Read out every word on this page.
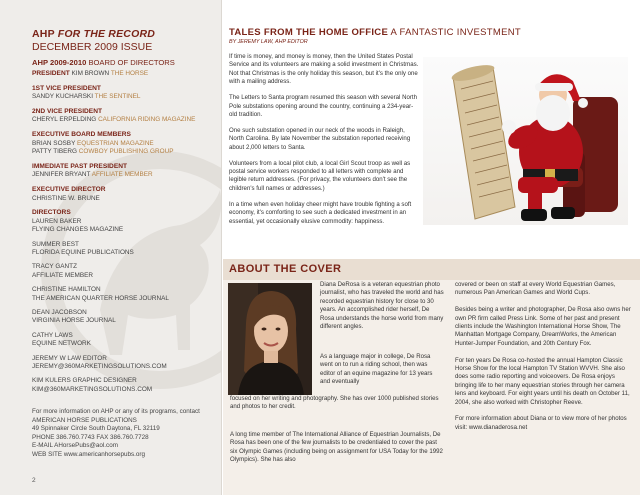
AHP FOR THE RECORD
DECEMBER 2009 ISSUE
AHP 2009-2010 BOARD OF DIRECTORS
PRESIDENT KIM BROWN THE HORSE
1ST VICE PRESIDENT
SANDY KUCHARSKI THE SENTINEL
2ND VICE PRESIDENT
CHERYL ERPELDING CALIFORNIA RIDING MAGAZINE
EXECUTIVE BOARD MEMBERS
BRIAN SOSBY EQUESTRIAN MAGAZINE
PATTY TIBERG COWBOY PUBLISHING GROUP
IMMEDIATE PAST PRESIDENT
JENNIFER BRYANT AFFILIATE MEMBER
EXECUTIVE DIRECTOR
CHRISTINE W. BRUNE
DIRECTORS
LAUREN BAKER
FLYING CHANGES MAGAZINE
SUMMER BEST
FLORIDA EQUINE PUBLICATIONS
TRACY GANTZ
AFFILIATE MEMBER
CHRISTINE HAMILTON
THE AMERICAN QUARTER HORSE JOURNAL
DEAN JACOBSON
VIRGINIA HORSE JOURNAL
CATHY LAWS
EQUINE NETWORK
JEREMY W LAW EDITOR
JEREMY@360MARKETINGSOLUTIONS.COM
KIM KULERS GRAPHIC DESIGNER
KIM@360MARKETINGSOLUTIONS.COM
For more information on AHP or any of its programs, contact
AMERICAN HORSE PUBLICATIONS
49 Spinnaker Circle South Daytona, FL 32119
PHONE 386.760.7743 FAX 386.760.7728
E-MAIL AHorsePubs@aol.com
WEB SITE www.americanhorsepubs.org
2
TALES FROM THE HOME OFFICE A FANTASTIC INVESTMENT
BY JEREMY LAW, AHP EDITOR

If time is money, and money is money, then the United States Postal Service and its volunteers are making a solid investment in Christmas. Not that Christmas is the only holiday this season, but it's the only one with a mailing address.

The Letters to Santa program resumed this season with several North Pole substations opening around the country, continuing a 234-year-old tradition.

One such substation opened in our neck of the woods in Raleigh, North Carolina. By late November the substation reported receiving about 2,000 letters to Santa.

Volunteers from a local pilot club, a local Girl Scout troop as well as postal service workers responded to all letters with complete and legible return addresses. (For privacy, the volunteers don't see the children's full names or addresses.)

In a time when even holiday cheer might have trouble fighting a soft economy, it's comforting to see such a dedicated investment in an essential, yet occasionally elusive commodity: happiness.

ABOUT THE COVER
Diana DeRosa is a veteran equestrian photo journalist, who has traveled the world and has recorded equestrian history for close to 30 years. An accomplished rider herself, De Rosa understands the horse world from many different angles.
As a language major in college, De Rosa went on to run a riding school, then was editor of an equine magazine for 13 years and eventually
focused on her writing and photography. She has over 1000 published stories and photos to her credit.
A long time member of The International Alliance of Equestrian Journalists, De Rosa has been one of the few journalists to be credentialed to cover the past six Olympic Games (including being on assignment for USA Today for the 1992 Olympics). She has also

covered or been on staff at every World Equestrian Games, numerous Pan American Games and World Cups.

Besides being a writer and photographer, De Rosa also owns her own PR firm called Press Link. Some of her past and present clients include the Washington International Horse Show, The Manhattan Mortgage Company, DreamWorks, the American Hunter-Jumper Foundation, and 20th Century Fox.

For ten years De Rosa co-hosted the annual Hampton Classic Horse Show for the local Hampton TV Station WVVH. She also does some radio reporting and voiceovers. De Rosa enjoys bringing life to her many equestrian stories through her camera lens and keyboard. For eight years until his death on October 11, 2004, she also worked with Christopher Reeve.

For more information about Diana or to view more of her photos visit: www.dianaderosa.net
